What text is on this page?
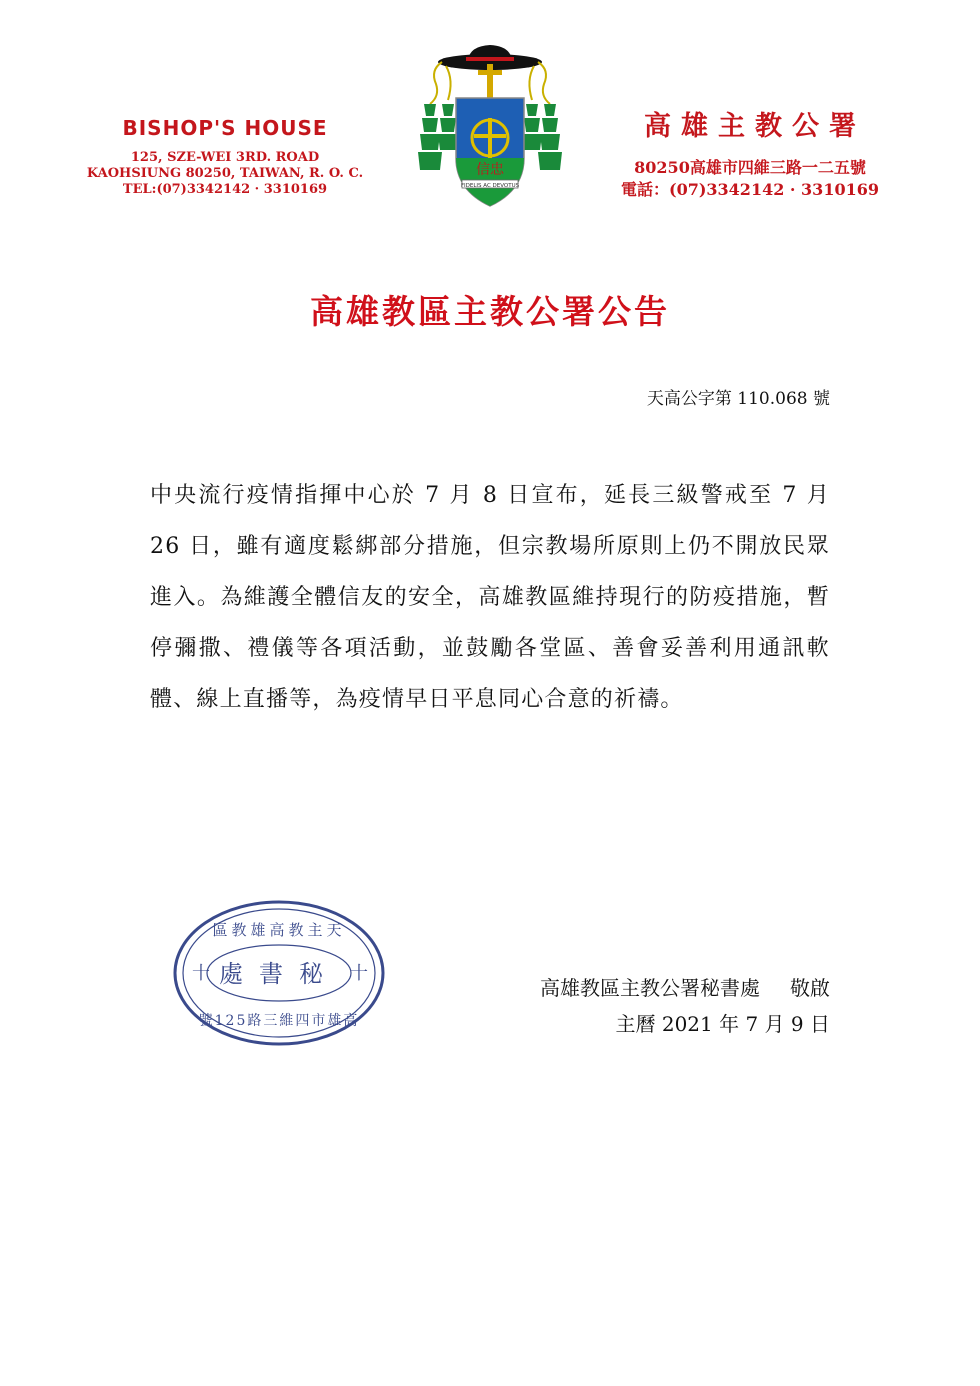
BISHOP'S HOUSE
125, SZE-WEI 3RD. ROAD
KAOHSIUNG 80250, TAIWAN, R. O. C.
TEL:(07)3342142 · 3310169
信忠
FIDELIS AC DEVOTUS
高雄主教公署
80250高雄市四維三路一二五號
電話：(07)3342142 · 3310169
高雄教區主教公署公告
天高公字第 110.068 號
中央流行疫情指揮中心於 7 月 8 日宣布，延長三級警戒至 7 月 26 日，雖有適度鬆綁部分措施，但宗教場所原則上仍不開放民眾進入。為維護全體信友的安全，高雄教區維持現行的防疫措施，暫停彌撒、禮儀等各項活動，並鼓勵各堂區、善會妥善利用通訊軟體、線上直播等，為疫情早日平息同心合意的祈禱。
十	十
區教雄高教主天
處書秘
號125路三維四市雄高
高雄教區主教公署秘書處 敬啟
主曆 2021 年 7 月 9 日
